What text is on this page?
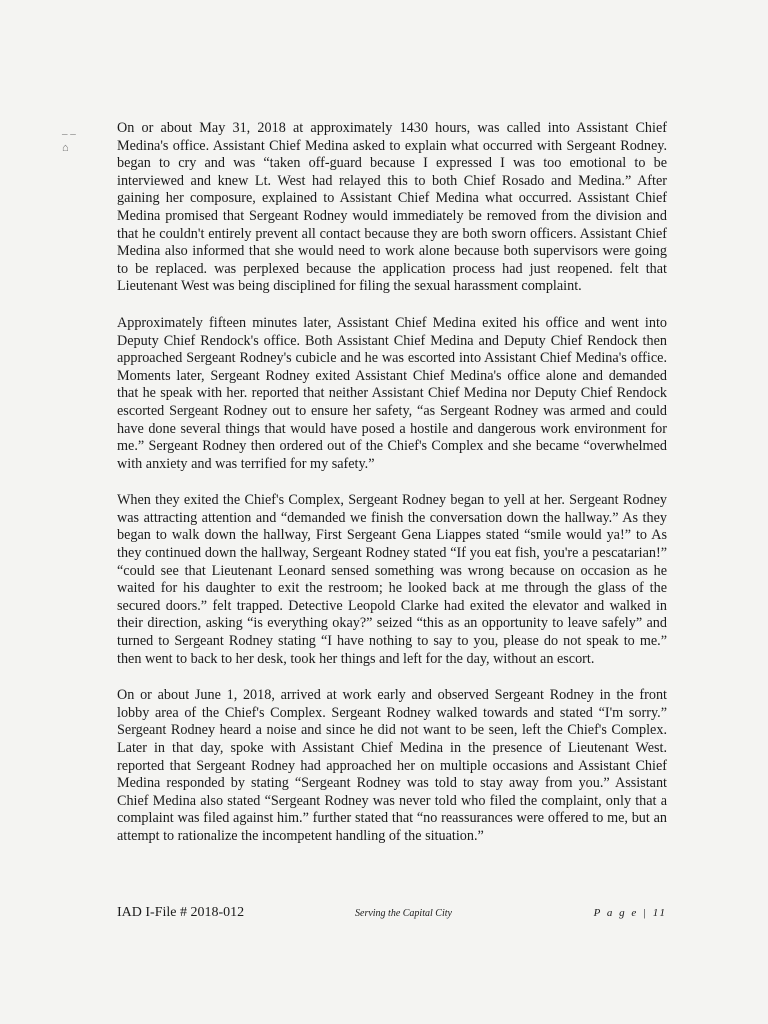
– –
⌂

On or about May 31, 2018 at approximately 1430 hours, was called into Assistant Chief Medina's office. Assistant Chief Medina asked to explain what occurred with Sergeant Rodney. began to cry and was “taken off-guard because I expressed I was too emotional to be interviewed and knew Lt. West had relayed this to both Chief Rosado and Medina.” After gaining her composure, explained to Assistant Chief Medina what occurred. Assistant Chief Medina promised that Sergeant Rodney would immediately be removed from the division and that he couldn't entirely prevent all contact because they are both sworn officers. Assistant Chief Medina also informed that she would need to work alone because both supervisors were going to be replaced. was perplexed because the application process had just reopened. felt that Lieutenant West was being disciplined for filing the sexual harassment complaint.

Approximately fifteen minutes later, Assistant Chief Medina exited his office and went into Deputy Chief Rendock's office. Both Assistant Chief Medina and Deputy Chief Rendock then approached Sergeant Rodney's cubicle and he was escorted into Assistant Chief Medina's office. Moments later, Sergeant Rodney exited Assistant Chief Medina's office alone and demanded that he speak with her. reported that neither Assistant Chief Medina nor Deputy Chief Rendock escorted Sergeant Rodney out to ensure her safety, “as Sergeant Rodney was armed and could have done several things that would have posed a hostile and dangerous work environment for me.” Sergeant Rodney then ordered out of the Chief's Complex and she became “overwhelmed with anxiety and was terrified for my safety.”

When they exited the Chief's Complex, Sergeant Rodney began to yell at her. Sergeant Rodney was attracting attention and “demanded we finish the conversation down the hallway.” As they began to walk down the hallway, First Sergeant Gena Liappes stated “smile would ya!” to As they continued down the hallway, Sergeant Rodney stated “If you eat fish, you're a pescatarian!” “could see that Lieutenant Leonard sensed something was wrong because on occasion as he waited for his daughter to exit the restroom; he looked back at me through the glass of the secured doors.” felt trapped. Detective Leopold Clarke had exited the elevator and walked in their direction, asking “is everything okay?” seized “this as an opportunity to leave safely” and turned to Sergeant Rodney stating “I have nothing to say to you, please do not speak to me.” then went to back to her desk, took her things and left for the day, without an escort.

On or about June 1, 2018, arrived at work early and observed Sergeant Rodney in the front lobby area of the Chief's Complex. Sergeant Rodney walked towards and stated “I'm sorry.” Sergeant Rodney heard a noise and since he did not want to be seen, left the Chief's Complex. Later in that day, spoke with Assistant Chief Medina in the presence of Lieutenant West. reported that Sergeant Rodney had approached her on multiple occasions and Assistant Chief Medina responded by stating “Sergeant Rodney was told to stay away from you.” Assistant Chief Medina also stated “Sergeant Rodney was never told who filed the complaint, only that a complaint was filed against him.” further stated that “no reassurances were offered to me, but an attempt to rationalize the incompetent handling of the situation.”

IAD I-File # 2018-012	Serving the Capital City	P a g e | 11
